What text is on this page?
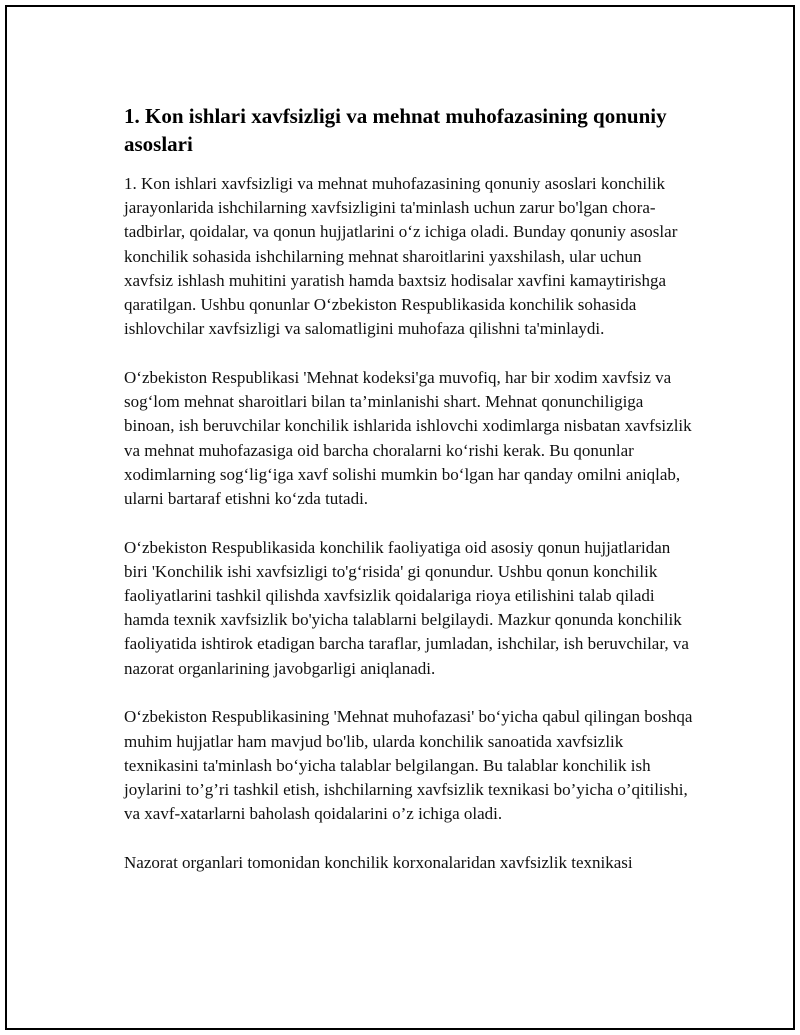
1. Kon ishlari xavfsizligi va mehnat muhofazasining qonuniy asoslari

1. Kon ishlari xavfsizligi va mehnat muhofazasining qonuniy asoslari konchilik jarayonlarida ishchilarning xavfsizligini ta'minlash uchun zarur bo'lgan chora-tadbirlar, qoidalar, va qonun hujjatlarini o‘z ichiga oladi. Bunday qonuniy asoslar konchilik sohasida ishchilarning mehnat sharoitlarini yaxshilash, ular uchun xavfsiz ishlash muhitini yaratish hamda baxtsiz hodisalar xavfini kamaytirishga qaratilgan. Ushbu qonunlar O‘zbekiston Respublikasida konchilik sohasida ishlovchilar xavfsizligi va salomatligini muhofaza qilishni ta'minlaydi.

O‘zbekiston Respublikasi 'Mehnat kodeksi'ga muvofiq, har bir xodim xavfsiz va sog‘lom mehnat sharoitlari bilan ta’minlanishi shart. Mehnat qonunchiligiga binoan, ish beruvchilar konchilik ishlarida ishlovchi xodimlarga nisbatan xavfsizlik va mehnat muhofazasiga oid barcha choralarni ko‘rishi kerak. Bu qonunlar xodimlarning sog‘lig‘iga xavf solishi mumkin bo‘lgan har qanday omilni aniqlab, ularni bartaraf etishni ko‘zda tutadi.

O‘zbekiston Respublikasida konchilik faoliyatiga oid asosiy qonun hujjatlaridan biri 'Konchilik ishi xavfsizligi to'g‘risida' gi qonundur. Ushbu qonun konchilik faoliyatlarini tashkil qilishda xavfsizlik qoidalariga rioya etilishini talab qiladi hamda texnik xavfsizlik bo'yicha talablarni belgilaydi. Mazkur qonunda konchilik faoliyatida ishtirok etadigan barcha taraflar, jumladan, ishchilar, ish beruvchilar, va nazorat organlarining javobgarligi aniqlanadi.

O‘zbekiston Respublikasining 'Mehnat muhofazasi' bo‘yicha qabul qilingan boshqa muhim hujjatlar ham mavjud bo'lib, ularda konchilik sanoatida xavfsizlik texnikasini ta'minlash bo‘yicha talablar belgilangan. Bu talablar konchilik ish joylarini to’g’ri tashkil etish, ishchilarning xavfsizlik texnikasi bo’yicha o’qitilishi, va xavf-xatarlarni baholash qoidalarini o’z ichiga oladi.

Nazorat organlari tomonidan konchilik korxonalaridan xavfsizlik texnikasi
